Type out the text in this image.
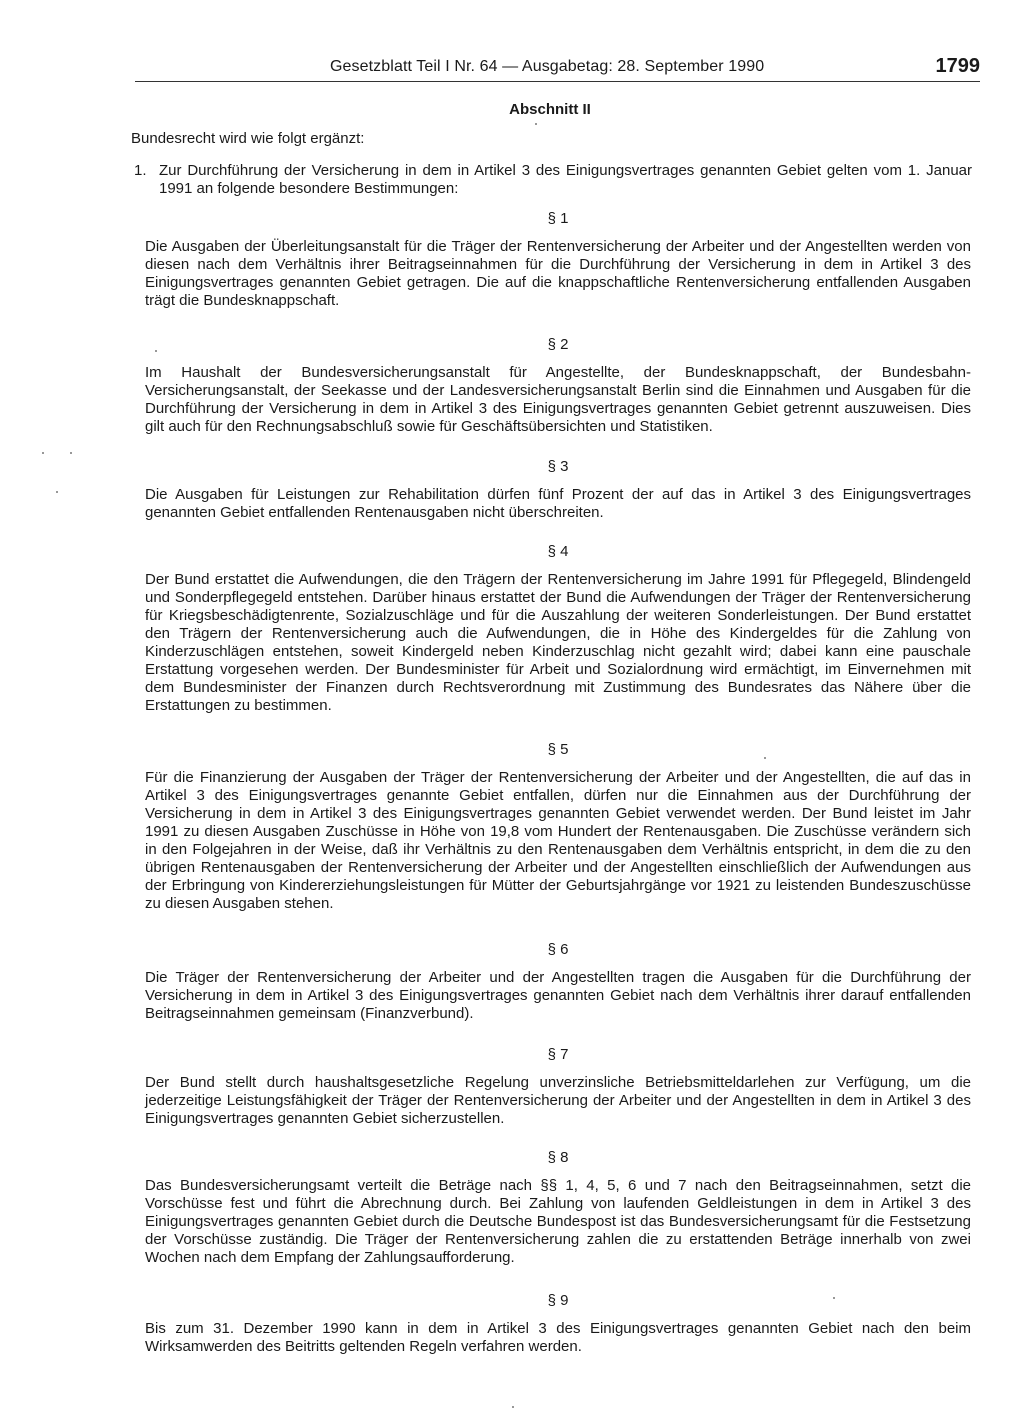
Gesetzblatt Teil I Nr. 64 — Ausgabetag: 28. September 1990	1799
Abschnitt II
Bundesrecht wird wie folgt ergänzt:
1. Zur Durchführung der Versicherung in dem in Artikel 3 des Einigungsvertrages genannten Gebiet gelten vom 1. Januar 1991 an folgende besondere Bestimmungen:
§ 1
Die Ausgaben der Überleitungsanstalt für die Träger der Rentenversicherung der Arbeiter und der Angestellten werden von diesen nach dem Verhältnis ihrer Beitragseinnahmen für die Durchführung der Versicherung in dem in Artikel 3 des Einigungsvertrages genannten Gebiet getragen. Die auf die knappschaftliche Rentenversicherung entfallenden Ausgaben trägt die Bundesknappschaft.
§ 2
Im Haushalt der Bundesversicherungsanstalt für Angestellte, der Bundesknappschaft, der Bundesbahn-Versicherungsanstalt, der Seekasse und der Landesversicherungsanstalt Berlin sind die Einnahmen und Ausgaben für die Durchführung der Versicherung in dem in Artikel 3 des Einigungsvertrages genannten Gebiet getrennt auszuweisen. Dies gilt auch für den Rechnungsabschluß sowie für Geschäftsübersichten und Statistiken.
§ 3
Die Ausgaben für Leistungen zur Rehabilitation dürfen fünf Prozent der auf das in Artikel 3 des Einigungsvertrages genannten Gebiet entfallenden Rentenausgaben nicht überschreiten.
§ 4
Der Bund erstattet die Aufwendungen, die den Trägern der Rentenversicherung im Jahre 1991 für Pflegegeld, Blindengeld und Sonderpflegegeld entstehen. Darüber hinaus erstattet der Bund die Aufwendungen der Träger der Rentenversicherung für Kriegsbeschädigtenrente, Sozialzuschläge und für die Auszahlung der weiteren Sonderleistungen. Der Bund erstattet den Trägern der Rentenversicherung auch die Aufwendungen, die in Höhe des Kindergeldes für die Zahlung von Kinderzuschlägen entstehen, soweit Kindergeld neben Kinderzuschlag nicht gezahlt wird; dabei kann eine pauschale Erstattung vorgesehen werden. Der Bundesminister für Arbeit und Sozialordnung wird ermächtigt, im Einvernehmen mit dem Bundesminister der Finanzen durch Rechtsverordnung mit Zustimmung des Bundesrates das Nähere über die Erstattungen zu bestimmen.
§ 5
Für die Finanzierung der Ausgaben der Träger der Rentenversicherung der Arbeiter und der Angestellten, die auf das in Artikel 3 des Einigungsvertrages genannte Gebiet entfallen, dürfen nur die Einnahmen aus der Durchführung der Versicherung in dem in Artikel 3 des Einigungsvertrages genannten Gebiet verwendet werden. Der Bund leistet im Jahr 1991 zu diesen Ausgaben Zuschüsse in Höhe von 19,8 vom Hundert der Rentenausgaben. Die Zuschüsse verändern sich in den Folgejahren in der Weise, daß ihr Verhältnis zu den Rentenausgaben dem Verhältnis entspricht, in dem die zu den übrigen Rentenausgaben der Rentenversicherung der Arbeiter und der Angestellten einschließlich der Aufwendungen aus der Erbringung von Kindererziehungsleistungen für Mütter der Geburtsjahrgänge vor 1921 zu leistenden Bundeszuschüsse zu diesen Ausgaben stehen.
§ 6
Die Träger der Rentenversicherung der Arbeiter und der Angestellten tragen die Ausgaben für die Durchführung der Versicherung in dem in Artikel 3 des Einigungsvertrages genannten Gebiet nach dem Verhältnis ihrer darauf entfallenden Beitragseinnahmen gemeinsam (Finanzverbund).
§ 7
Der Bund stellt durch haushaltsgesetzliche Regelung unverzinsliche Betriebsmitteldarlehen zur Verfügung, um die jederzeitige Leistungsfähigkeit der Träger der Rentenversicherung der Arbeiter und der Angestellten in dem in Artikel 3 des Einigungsvertrages genannten Gebiet sicherzustellen.
§ 8
Das Bundesversicherungsamt verteilt die Beträge nach §§ 1, 4, 5, 6 und 7 nach den Beitragseinnahmen, setzt die Vorschüsse fest und führt die Abrechnung durch. Bei Zahlung von laufenden Geldleistungen in dem in Artikel 3 des Einigungsvertrages genannten Gebiet durch die Deutsche Bundespost ist das Bundesversicherungsamt für die Festsetzung der Vorschüsse zuständig. Die Träger der Rentenversicherung zahlen die zu erstattenden Beträge innerhalb von zwei Wochen nach dem Empfang der Zahlungsaufforderung.
§ 9
Bis zum 31. Dezember 1990 kann in dem in Artikel 3 des Einigungsvertrages genannten Gebiet nach den beim Wirksamwerden des Beitritts geltenden Regeln verfahren werden.
